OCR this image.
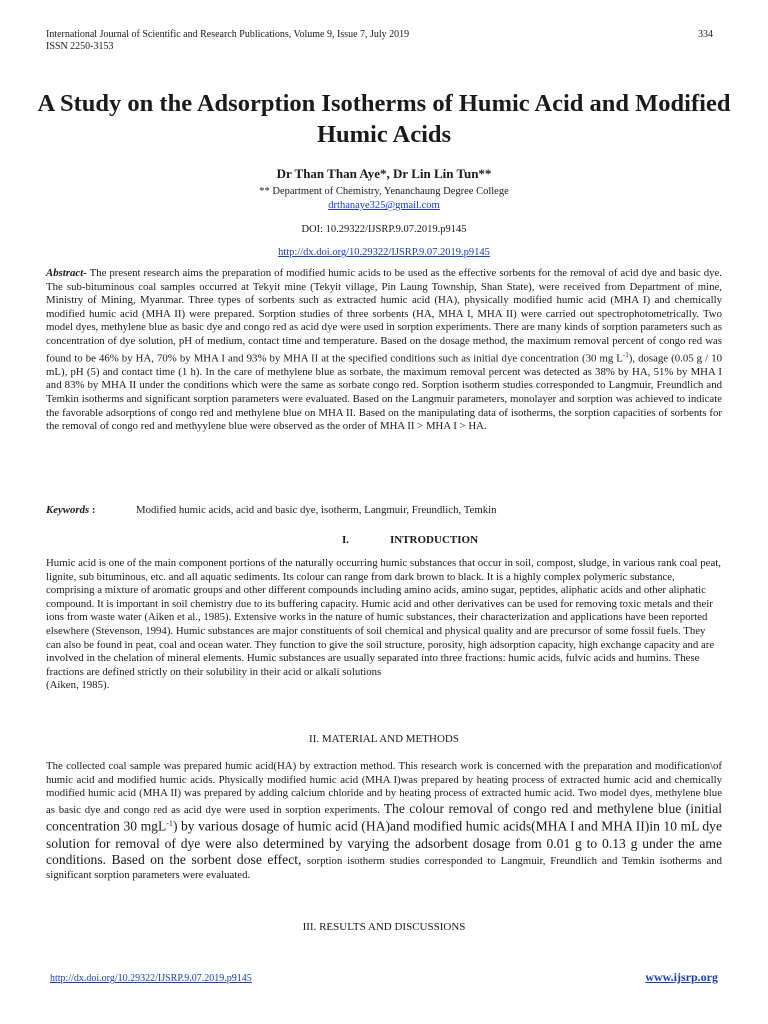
International Journal of Scientific and Research Publications, Volume 9, Issue 7, July 2019
ISSN 2250-3153
334
A Study on the Adsorption Isotherms of Humic Acid and Modified Humic Acids
Dr Than Than Aye*, Dr Lin Lin Tun**
** Department of Chemistry, Yenanchaung Degree College
drthanaye325@gmail.com
DOI: 10.29322/IJSRP.9.07.2019.p9145
http://dx.doi.org/10.29322/IJSRP.9.07.2019.p9145
Abstract- The present research aims the preparation of modified humic acids to be used as the effective sorbents for the removal of acid dye and basic dye. The sub-bituminous coal samples occurred at Tekyit mine (Tekyit village, Pin Laung Township, Shan State), were received from Department of mine, Ministry of Mining, Myanmar. Three types of sorbents such as extracted humic acid (HA), physically modified humic acid (MHA I) and chemically modified humic acid (MHA II) were prepared. Sorption studies of three sorbents (HA, MHA I, MHA II) were carried out spectrophotometrically. Two model dyes, methylene blue as basic dye and congo red as acid dye were used in sorption experiments. There are many kinds of sorption parameters such as concentration of dye solution, pH of medium, contact time and temperature. Based on the dosage method, the maximum removal percent of congo red was found to be 46% by HA, 70% by MHA I and 93% by MHA II at the specified conditions such as initial dye concentration (30 mg $L^{-1}$), dosage (0.05 g / 10 mL), pH (5) and contact time (1 h). In the care of methylene blue as sorbate, the maximum removal percent was detected as 38% by HA, 51% by MHA I and 83% by MHA II under the conditions which were the same as sorbate congo red. Sorption isotherm studies corresponded to Langmuir, Freundlich and Temkin isotherms and significant sorption parameters were evaluated. Based on the Langmuir parameters, monolayer and sorption was achieved to indicate the favorable adsorptions of congo red and methylene blue on MHA II. Based on the manipulating data of isotherms, the sorption capacities of sorbents for the removal of congo red and methyylene blue were observed as the order of MHA II > MHA I > HA.
Keywords :	Modified humic acids, acid and basic dye, isotherm, Langmuir, Freundlich, Temkin
I.	INTRODUCTION
Humic acid is one of the main component portions of the naturally occurring humic substances that occur in soil, compost, sludge, in various rank coal peat, lignite, sub bituminous, etc. and all aquatic sediments. Its colour can range from dark brown to black. It is a highly complex polymeric substance, comprising a mixture of aromatic groups and other different compounds including amino acids, amino sugar, peptides, aliphatic acids and other aliphatic compound. It is important in soil chemistry due to its buffering capacity. Humic acid and other derivatives can be used for removing toxic metals and their ions from waste water (Aiken et al., 1985). Extensive works in the nature of humic substances, their characterization and applications have been reported elsewhere (Stevenson, 1994). Humic substances are major constituents of soil chemical and physical quality and are precursor of some fossil fuels. They can also be found in peat, coal and ocean water. They function to give the soil structure, porosity, high adsorption capacity, high exchange capacity and are involved in the chelation of mineral elements. Humic substances are usually separated into three fractions: humic acids, fulvic acids and humins. These fractions are defined strictly on their solubility in their acid or alkali solutions
(Aiken, 1985).
II. MATERIAL AND METHODS
The collected coal sample was prepared humic acid(HA) by extraction method. This research work is concerned with the preparation and modification\of humic acid and modified humic acids. Physically modified humic acid (MHA I)was prepared by heating process of extracted humic acid and chemically modified humic acid (MHA II) was prepared by adding calcium chloride and by heating process of extracted humic acid. Two model dyes, methylene blue as basic dye and congo red as acid dye were used in sorption experiments. The colour removal of congo red and methylene blue (initial concentration 30 mgL$^{-1}$) by various dosage of humic acid (HA)and modified humic acids(MHA I and MHA II)in 10 mL dye solution for removal of dye were also determined by varying the adsorbent dosage from 0.01 g to 0.13 g under the ame conditions. Based on the sorbent dose effect, sorption isotherm studies corresponded to Langmuir, Freundlich and Temkin isotherms and significant sorption parameters were evaluated.
III. RESULTS AND DISCUSSIONS
http://dx.doi.org/10.29322/IJSRP.9.07.2019.p9145	www.ijsrp.org
